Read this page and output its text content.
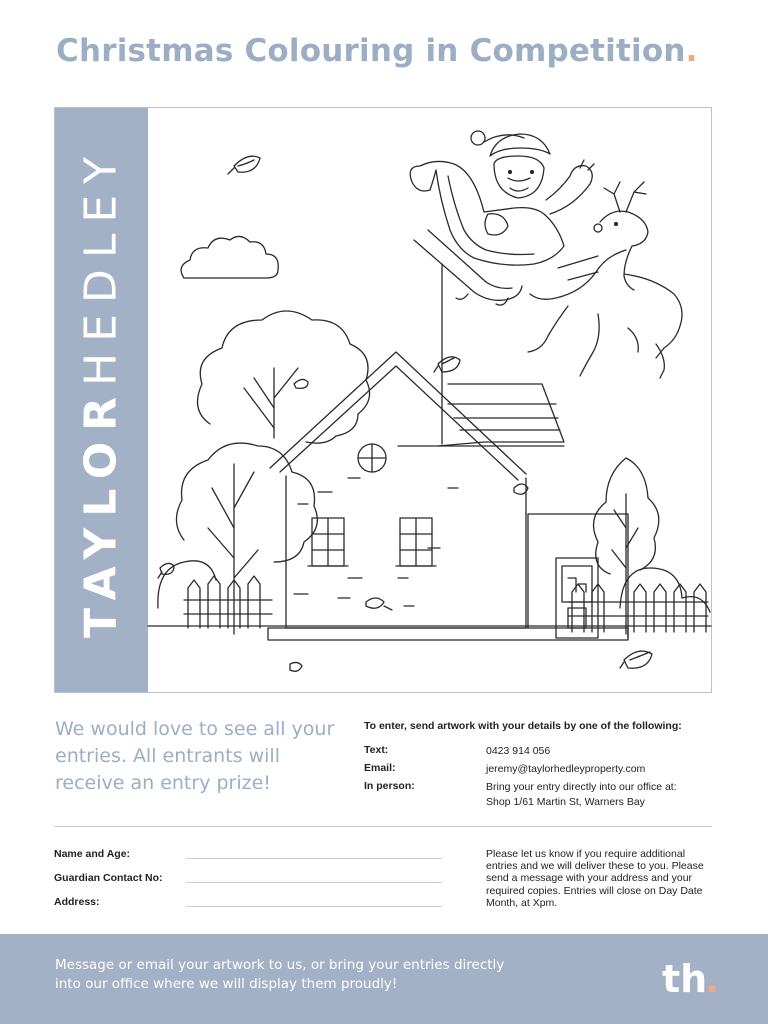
Christmas Colouring in Competition.
TAYLORHEDLEY

We would love to see all your entries. All entrants will receive an entry prize!

To enter, send artwork with your details by one of the following:

Text:	0423 914 056
Email:	jeremy@taylorhedleyproperty.com
In person:	Bring your entry directly into our office at:
Shop 1/61 Martin St, Warners Bay
Name and Age:
Guardian Contact No:
Address:

Please let us know if you require additional entries and we will deliver these to you. Please send a message with your address and your required copies. Entries will close on Day Date Month, at Xpm.

Message or email your artwork to us, or bring your entries directly into our office where we will display them proudly!	th
.
